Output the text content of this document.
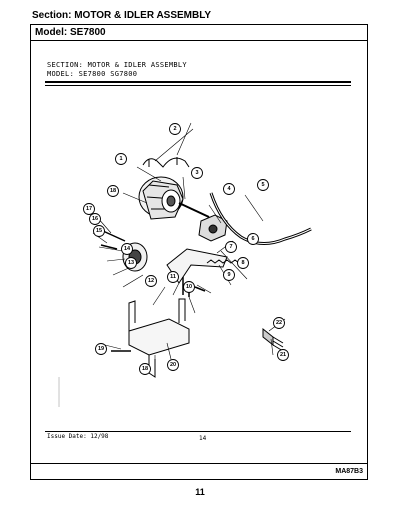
Section: MOTOR & IDLER ASSEMBLY
Model: SE7800
SECTION: MOTOR & IDLER ASSEMBLY
MODEL: SE7800 SG7800
1
2
3
4
5
6
7
8
9
10
11
12
13
14
15
16
17
18
18
19
20
21
22
Issue Date: 12/98	14
MA87B3
11
